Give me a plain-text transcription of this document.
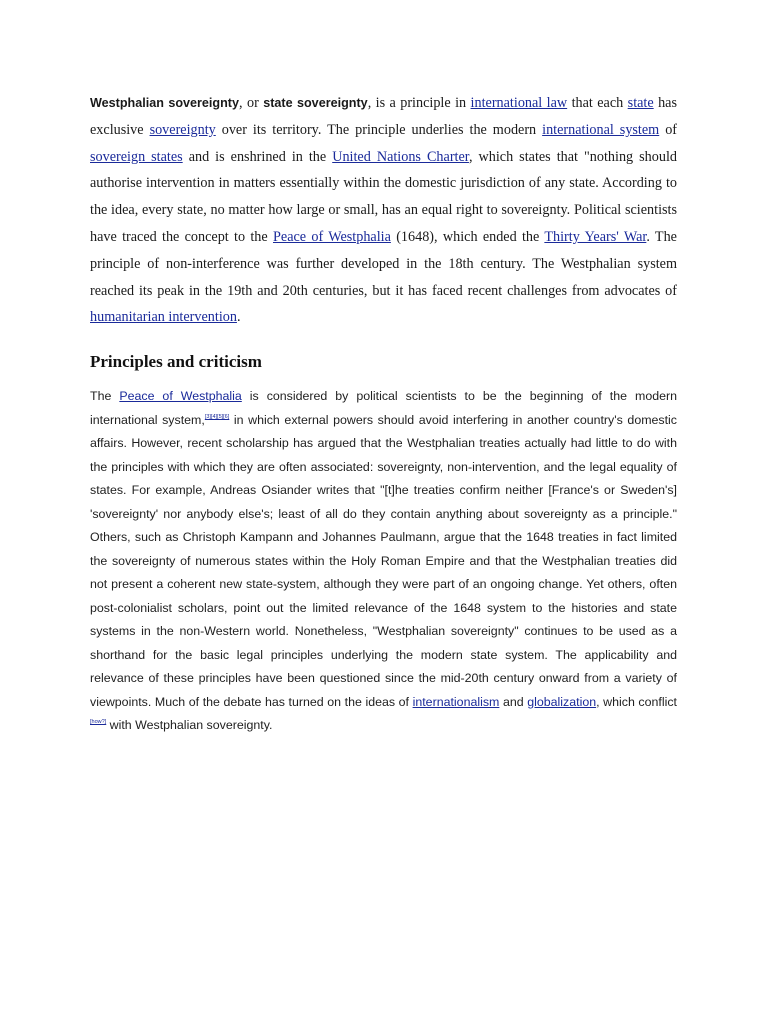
Westphalian sovereignty, or state sovereignty, is a principle in international law that each state has exclusive sovereignty over its territory. The principle underlies the modern international system of sovereign states and is enshrined in the United Nations Charter, which states that "nothing should authorise intervention in matters essentially within the domestic jurisdiction of any state. According to the idea, every state, no matter how large or small, has an equal right to sovereignty. Political scientists have traced the concept to the Peace of Westphalia (1648), which ended the Thirty Years' War. The principle of non-interference was further developed in the 18th century. The Westphalian system reached its peak in the 19th and 20th centuries, but it has faced recent challenges from advocates of humanitarian intervention.

Principles and criticism

The Peace of Westphalia is considered by political scientists to be the beginning of the modern international system,[3][4][5][6] in which external powers should avoid interfering in another country's domestic affairs. However, recent scholarship has argued that the Westphalian treaties actually had little to do with the principles with which they are often associated: sovereignty, non-intervention, and the legal equality of states. For example, Andreas Osiander writes that "[t]he treaties confirm neither [France's or Sweden's] 'sovereignty' nor anybody else's; least of all do they contain anything about sovereignty as a principle." Others, such as Christoph Kampann and Johannes Paulmann, argue that the 1648 treaties in fact limited the sovereignty of numerous states within the Holy Roman Empire and that the Westphalian treaties did not present a coherent new state-system, although they were part of an ongoing change. Yet others, often post-colonialist scholars, point out the limited relevance of the 1648 system to the histories and state systems in the non-Western world. Nonetheless, "Westphalian sovereignty" continues to be used as a shorthand for the basic legal principles underlying the modern state system. The applicability and relevance of these principles have been questioned since the mid-20th century onward from a variety of viewpoints. Much of the debate has turned on the ideas of internationalism and globalization, which conflict [how?] with Westphalian sovereignty.
